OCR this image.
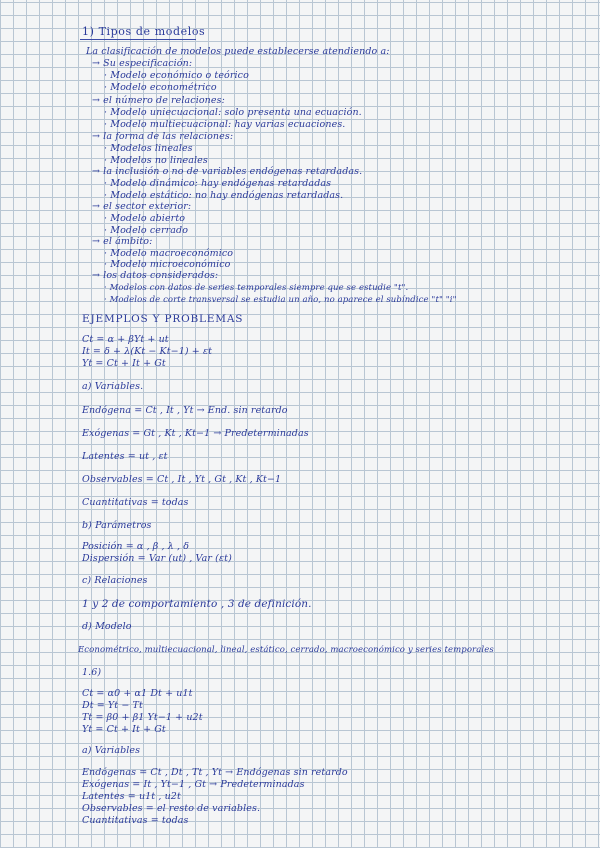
1) Tipos de modelos
La clasificación de modelos puede establecerse atendiendo a:
→ Su especificación:
· Modelo económico o teórico
· Modelo econométrico
→ el número de relaciones:
· Modelo uniecuacional: solo presenta una ecuación.
· Modelo multiecuacional: hay varias ecuaciones.
→ la forma de las relaciones:
· Modelos lineales
· Modelos no lineales
→ la inclusión o no de variables endógenas retardadas.
· Modelo dinámico: hay endógenas retardadas
· Modelo estático: no hay endógenas retardadas.
→ el sector exterior:
· Modelo abierto
· Modelo cerrado
→ el ámbito:
· Modelo macroeconómico
· Modelo microeconómico
→ los datos considerados:
· Modelos con datos de series temporales siempre que se estudie "t".
· Modelos de corte transversal se estudia un año, no aparece el subíndice "t" "i"
EJEMPLOS Y PROBLEMAS
Ct = α + βYt + ut
It = δ + λ(Kt − Kt−1) + εt
Yt = Ct + It + Gt
a) Variables.
Endógena = Ct , It , Yt → End. sin retardo
Exógenas = Gt , Kt , Kt−1 → Predeterminadas
Latentes = ut , εt
Observables = Ct , It , Yt , Gt , Kt , Kt−1
Cuantitativas = todas
b) Parámetros
Posición = α , β , λ , δ
Dispersión = Var (ut) , Var (εt)
c) Relaciones
1 y 2 de comportamiento , 3 de definición.
d) Modelo
Econométrico, multiecuacional, lineal, estático, cerrado, macroeconómico y series temporales
1.6)
Ct = α0 + α1 Dt + u1t
Dt = Yt − Tt
Tt = β0 + β1 Yt−1 + u2t
Yt = Ct + It + Gt
a) Variables
Endógenas = Ct , Dt , Tt , Yt → Endógenas sin retardo
Exógenas = It , Yt−1 , Gt → Predeterminadas
Latentes = u1t , u2t
Observables = el resto de variables.
Cuantitativas = todas
